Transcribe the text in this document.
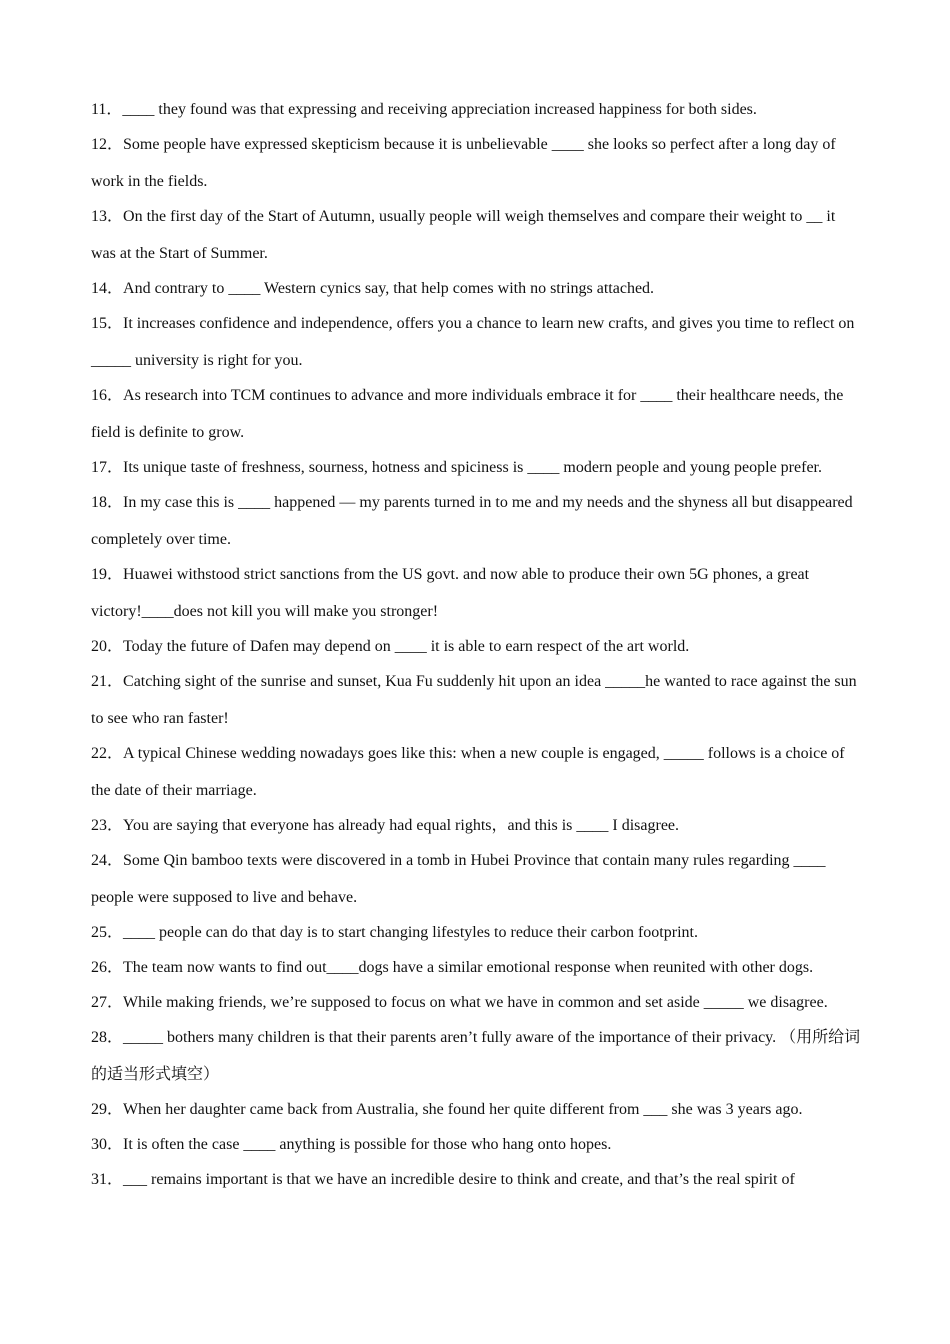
11．____ they found was that expressing and receiving appreciation increased happiness for both sides.
12．Some people have expressed skepticism because it is unbelievable ____ she looks so perfect after a long day of work in the fields.
13．On the first day of the Start of Autumn, usually people will weigh themselves and compare their weight to __ it was at the Start of Summer.
14．And contrary to ____ Western cynics say, that help comes with no strings attached.
15．It increases confidence and independence, offers you a chance to learn new crafts, and gives you time to reflect on _____ university is right for you.
16．As research into TCM continues to advance and more individuals embrace it for ____ their healthcare needs, the field is definite to grow.
17．Its unique taste of freshness, sourness, hotness and spiciness is ____ modern people and young people prefer.
18．In my case this is ____ happened — my parents turned in to me and my needs and the shyness all but disappeared completely over time.
19．Huawei withstood strict sanctions from the US govt. and now able to produce their own 5G phones, a great victory!____does not kill you will make you stronger!
20．Today the future of Dafen may depend on ____ it is able to earn respect of the art world.
21．Catching sight of the sunrise and sunset, Kua Fu suddenly hit upon an idea _____he wanted to race against the sun to see who ran faster!
22．A typical Chinese wedding nowadays goes like this: when a new couple is engaged, _____ follows is a choice of the date of their marriage.
23．You are saying that everyone has already had equal rights，and this is ____ I disagree.
24．Some Qin bamboo texts were discovered in a tomb in Hubei Province that contain many rules regarding ____ people were supposed to live and behave.
25．____ people can do that day is to start changing lifestyles to reduce their carbon footprint.
26．The team now wants to find out____dogs have a similar emotional response when reunited with other dogs.
27．While making friends, we’re supposed to focus on what we have in common and set aside _____ we disagree.
28．_____ bothers many children is that their parents aren’t fully aware of the importance of their privacy. （用所给词的适当形式填空）
29．When her daughter came back from Australia, she found her quite different from ___ she was 3 years ago.
30．It is often the case ____ anything is possible for those who hang onto hopes.
31．___ remains important is that we have an incredible desire to think and create, and that’s the real spirit of
